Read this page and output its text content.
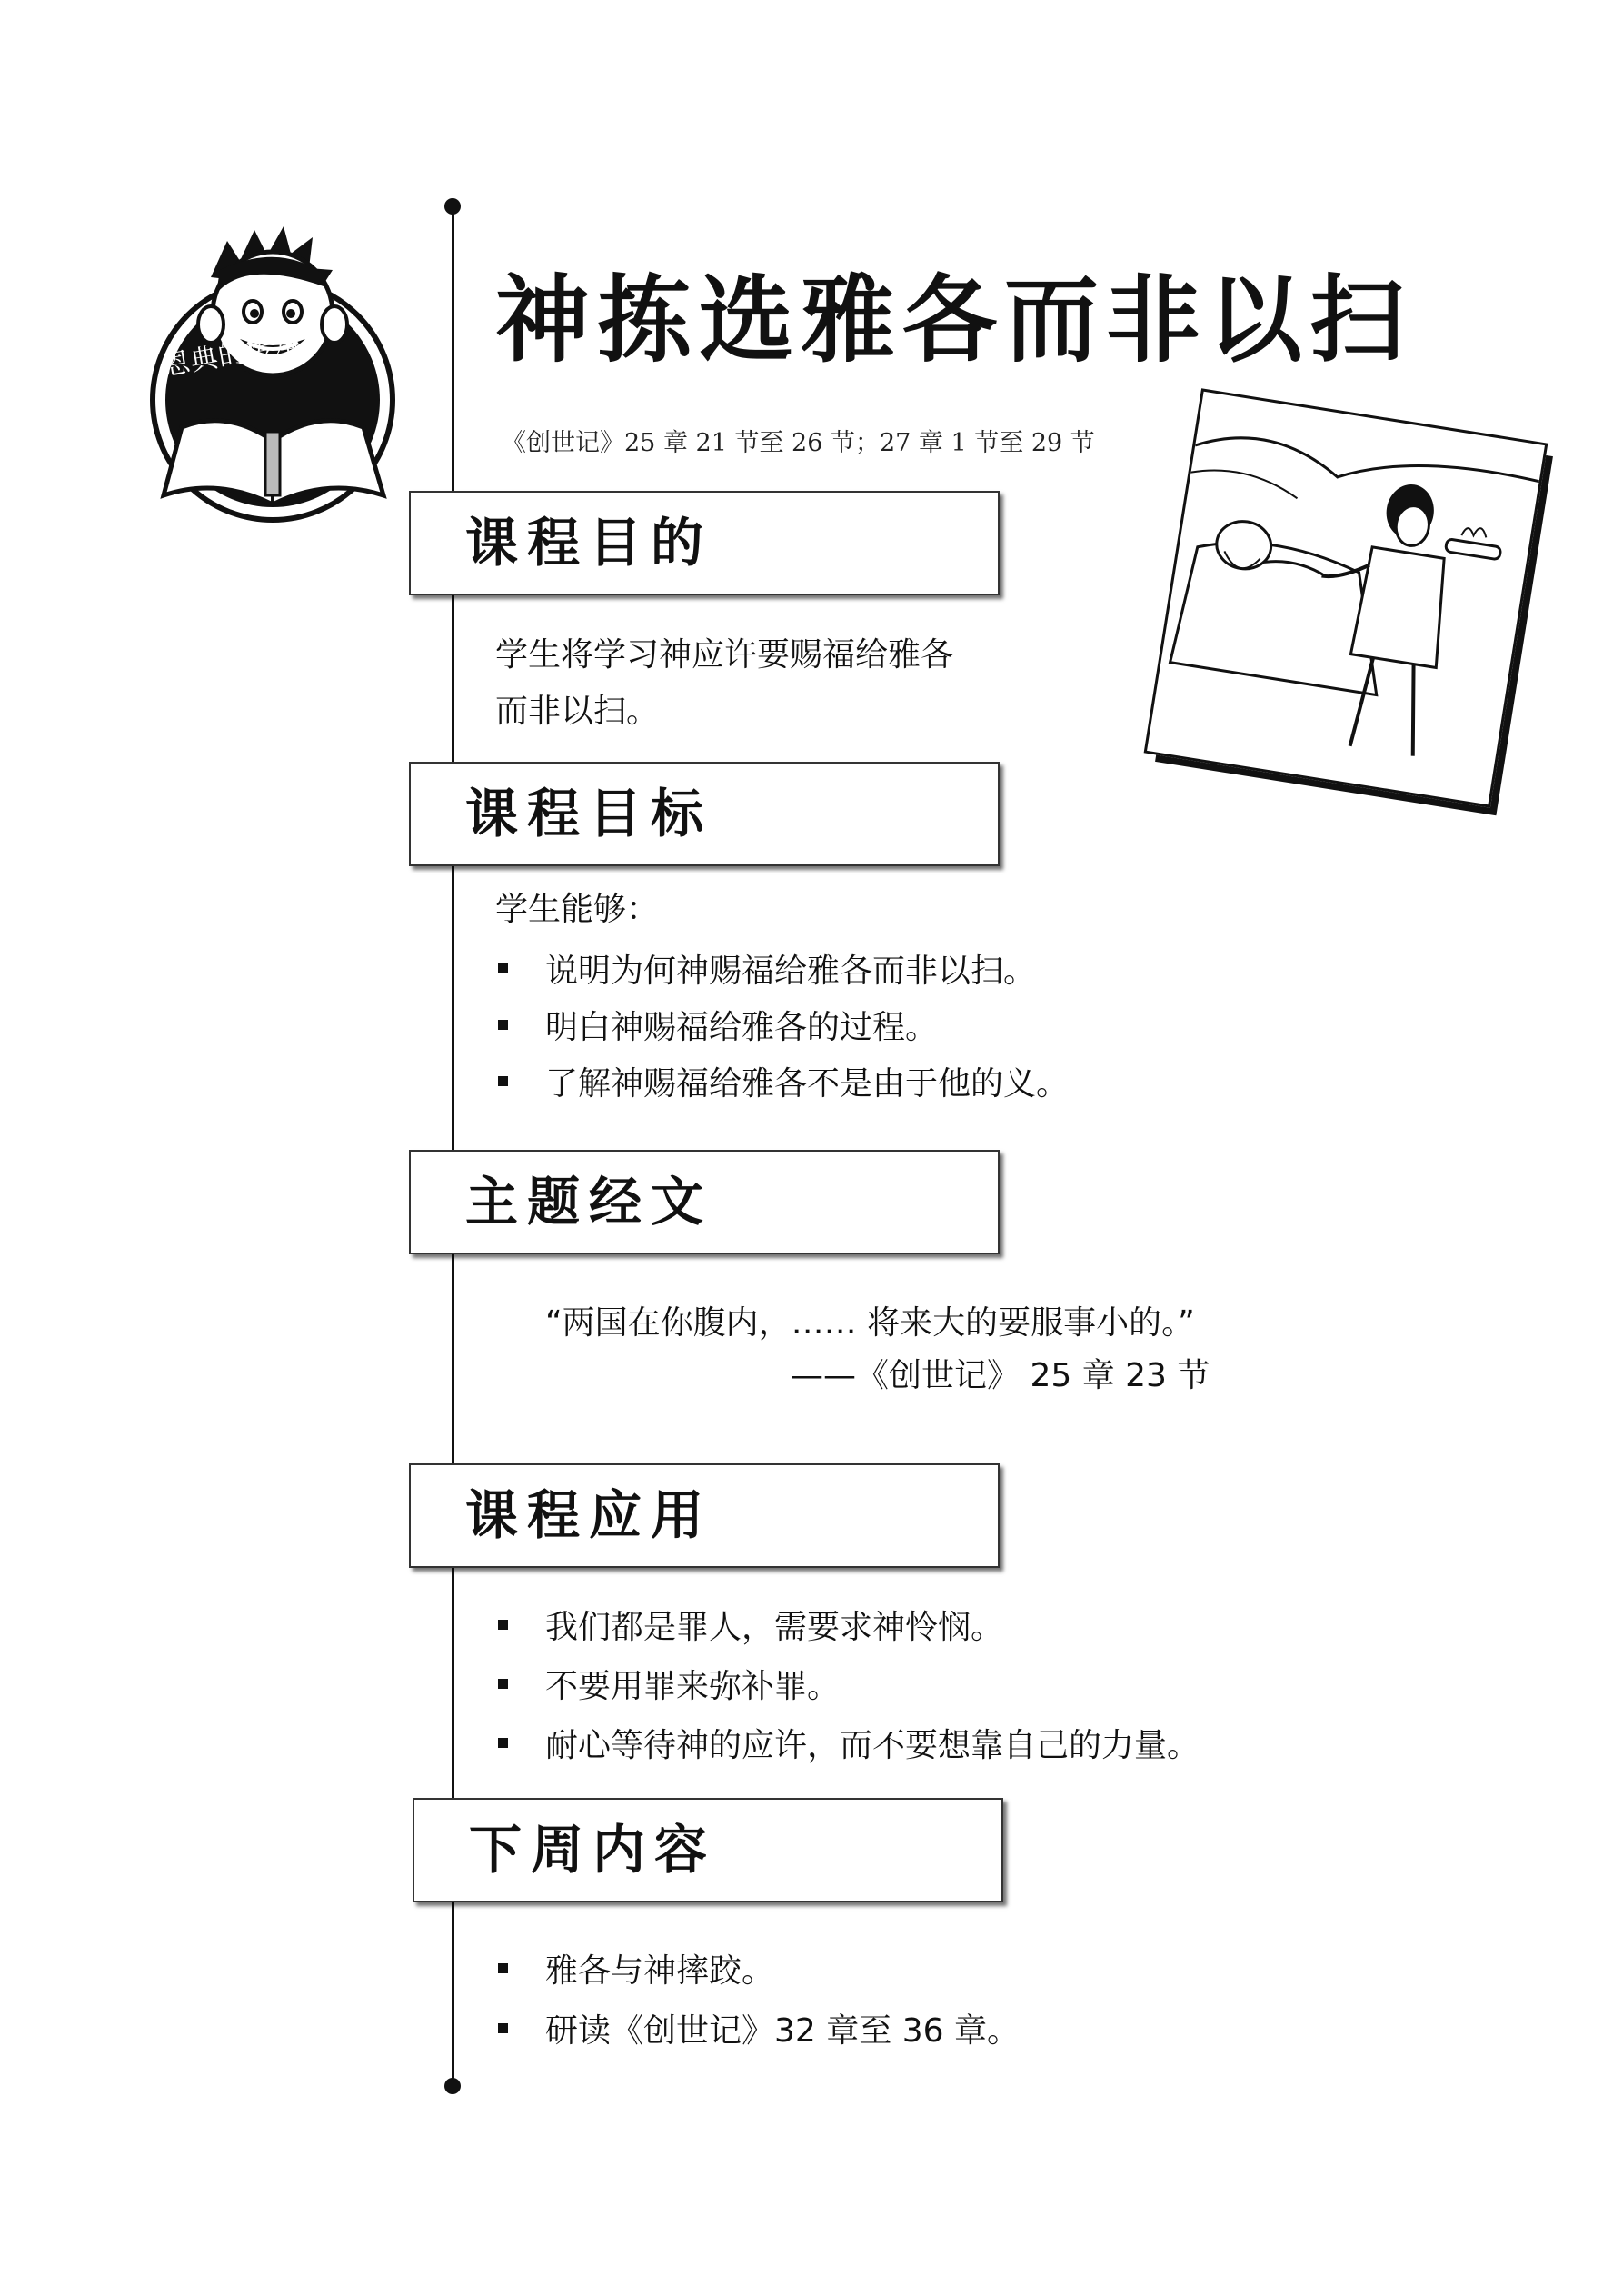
恩典的传承 神拣选雅各而非以扫
《创世记》25 章 21 节至 26 节；27 章 1 节至 29 节
课程目的
学生将学习神应许要赐福给雅各
而非以扫。
课程目标
学生能够：
说明为何神赐福给雅各而非以扫。
明白神赐福给雅各的过程。
了解神赐福给雅各不是由于他的义。
主题经文
“两国在你腹内，…… 将来大的要服事小的。”
——《创世记》 25 章 23 节
课程应用
我们都是罪人，需要求神怜悯。
不要用罪来弥补罪。
耐心等待神的应许，而不要想靠自己的力量。
下周内容
雅各与神摔跤。
研读《创世记》32 章至 36 章。
